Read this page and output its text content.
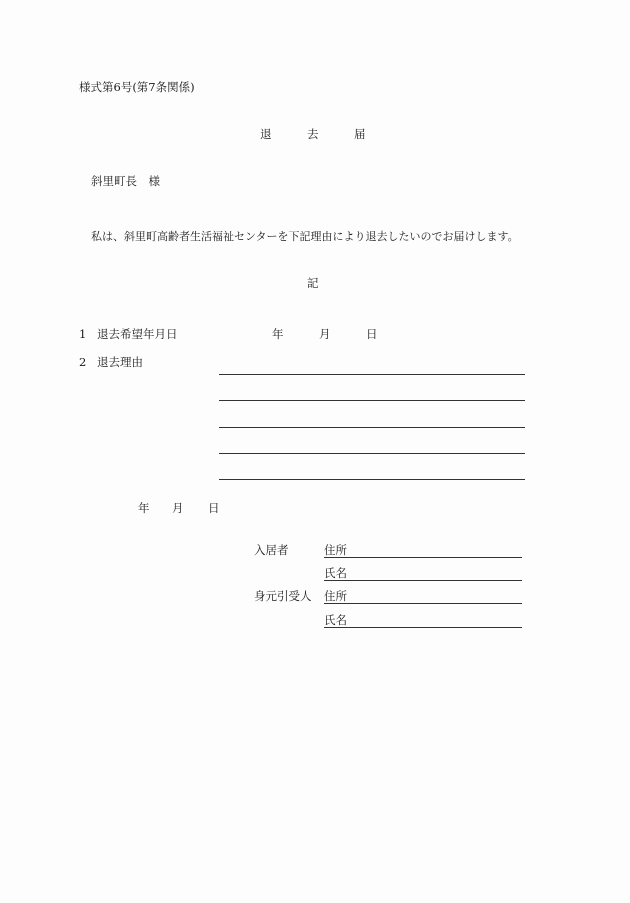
様式第6号(第7条関係)
退	去	届
斜里町長　様
私は、斜里町高齢者生活福祉センターを下記理由により退去したいのでお届けします。
記
1 退去希望年月日	年	月	日
2 退去理由
年 月 日
入居者	住所
氏名
身元引受人 住所
氏名
